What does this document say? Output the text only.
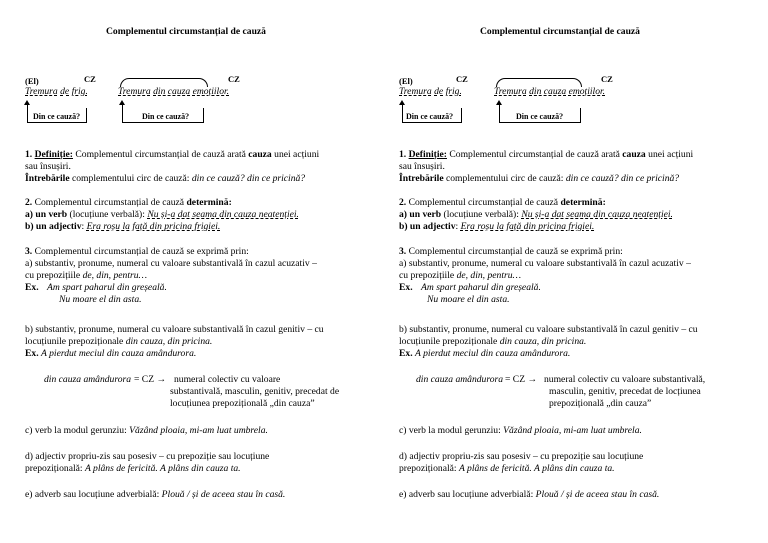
Complementul circumstanțial de cauză
(El)	CZ	CZ
Tremura de frig.	Tremura din cauza emoțiilor.
Din ce cauză?	Din ce cauză?
1. Definiție: Complementul circumstanțial de cauză arată cauza unei acțiuni
sau însușiri.
Întrebările complementului circ de cauză: din ce cauză? din ce pricină?
2. Complementul circumstanțial de cauză determină:
a) un verb (locuțiune verbală): Nu și-a dat seama din cauza neatenției.
b) un adjectiv: Era roșu la față din pricina frigiei.
3. Complementul circumstanțial de cauză se exprimă prin:
a) substantiv, pronume, numeral cu valoare substantivală în cazul acuzativ –
cu prepozițiile de, din, pentru…
Ex. Am spart paharul din greșeală.
Nu moare el din asta.
b) substantiv, pronume, numeral cu valoare substantivală în cazul genitiv – cu
locuțiunile prepoziționale din cauza, din pricina.
Ex. A pierdut meciul din cauza amândurora.
din cauza amândurora = CZ → numeral colectiv cu valoare
substantivală, masculin, genitiv, precedat de
locuțiunea prepozițională „din cauza”
c) verb la modul gerunziu: Văzând ploaia, mi-am luat umbrela.
d) adjectiv propriu-zis sau posesiv – cu prepoziție sau locuțiune
prepozițională: A plâns de fericită. A plâns din cauza ta.
e) adverb sau locuțiune adverbială: Plouă / și de aceea stau în casă.
Complementul circumstanțial de cauză
(El)	CZ	CZ
Tremura de frig.	Tremura din cauza emoțiilor.
Din ce cauză?	Din ce cauză?
1. Definiție: Complementul circumstanțial de cauză arată cauza unei acțiuni
sau însușiri.
Întrebările complementului circ de cauză: din ce cauză? din ce pricină?
2. Complementul circumstanțial de cauză determină:
a) un verb (locuțiune verbală): Nu și-a dat seama din cauza neatenției.
b) un adjectiv: Era roșu la față din pricina frigiei.
3. Complementul circumstanțial de cauză se exprimă prin:
a) substantiv, pronume, numeral cu valoare substantivală în cazul acuzativ –
cu prepozițiile de, din, pentru…
Ex. Am spart paharul din greșeală.
Nu moare el din asta.
b) substantiv, pronume, numeral cu valoare substantivală în cazul genitiv – cu
locuțiunile prepoziționale din cauza, din pricina.
Ex. A pierdut meciul din cauza amândurora.
din cauza amândurora = CZ → numeral colectiv cu valoare substantivală,
masculin, genitiv, precedat de locțiunea
prepozițională „din cauza”
c) verb la modul gerunziu: Văzând ploaia, mi-am luat umbrela.
d) adjectiv propriu-zis sau posesiv – cu prepoziție sau locuțiune
prepozițională: A plâns de fericită. A plâns din cauza ta.
e) adverb sau locuțiune adverbială: Plouă / și de aceea stau în casă.
